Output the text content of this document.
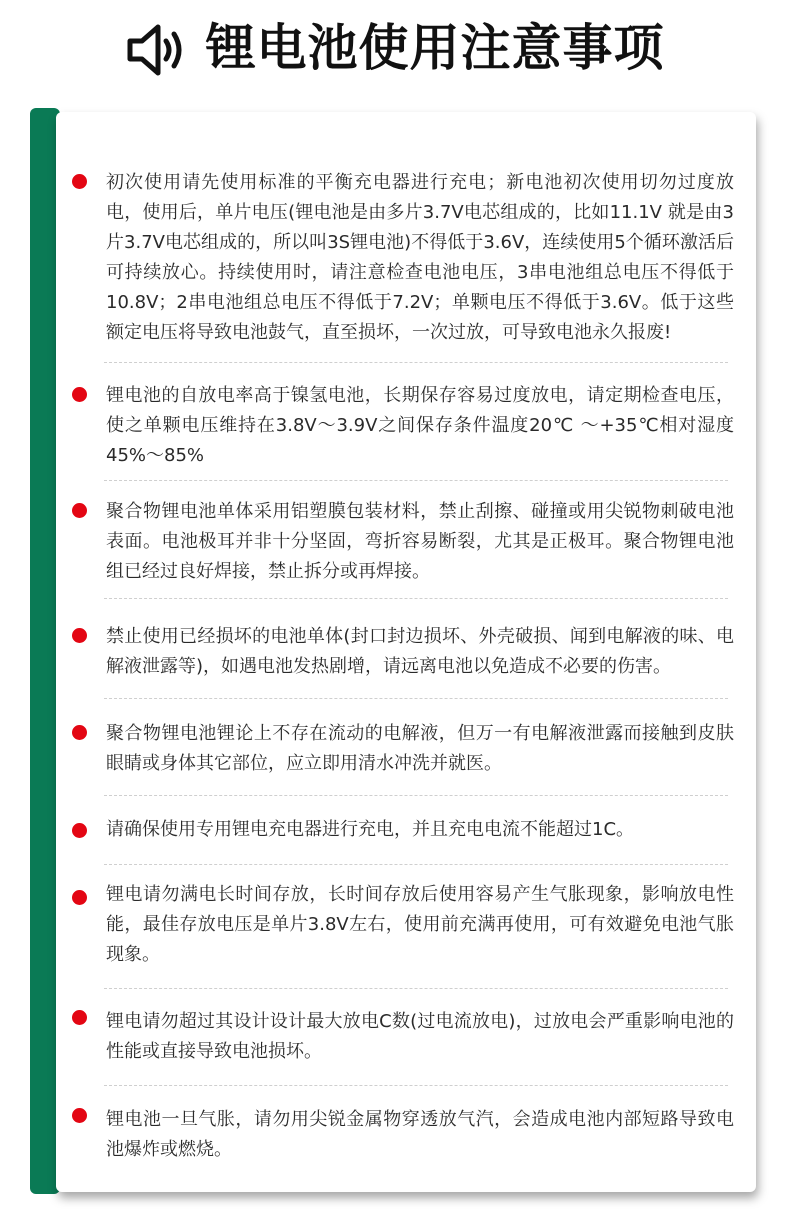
锂电池使用注意事项
初次使用请先使用标准的平衡充电器进行充电；新电池初次使用切勿过度放电，使用后，单片电压(锂电池是由多片3.7V电芯组成的，比如11.1V 就是由3片3.7V电芯组成的，所以叫3S锂电池)不得低于3.6V，连续使用5个循环激活后可持续放心。持续使用时，请注意检查电池电压，3串电池组总电压不得低于10.8V；2串电池组总电压不得低于7.2V；单颗电压不得低于3.6V。低于这些额定电压将导致电池鼓气，直至损坏，一次过放，可导致电池永久报废!
锂电池的自放电率高于镍氢电池，长期保存容易过度放电，请定期检查电压，使之单颗电压维持在3.8V～3.9V之间保存条件温度20℃ ～+35℃相对湿度45%～85%
聚合物锂电池单体采用铝塑膜包装材料，禁止刮擦、碰撞或用尖锐物刺破电池表面。电池极耳并非十分坚固，弯折容易断裂，尤其是正极耳。聚合物锂电池组已经过良好焊接，禁止拆分或再焊接。
禁止使用已经损坏的电池单体(封口封边损坏、外壳破损、闻到电解液的味、电解液泄露等)，如遇电池发热剧增，请远离电池以免造成不必要的伤害。
聚合物锂电池锂论上不存在流动的电解液，但万一有电解液泄露而接触到皮肤眼睛或身体其它部位，应立即用清水冲洗并就医。
请确保使用专用锂电充电器进行充电，并且充电电流不能超过1C。
锂电请勿满电长时间存放，长时间存放后使用容易产生气胀现象，影响放电性能，最佳存放电压是单片3.8V左右，使用前充满再使用，可有效避免电池气胀现象。
锂电请勿超过其设计设计最大放电C数(过电流放电)，过放电会严重影响电池的性能或直接导致电池损坏。
锂电池一旦气胀，请勿用尖锐金属物穿透放气汽，会造成电池内部短路导致电池爆炸或燃烧。
